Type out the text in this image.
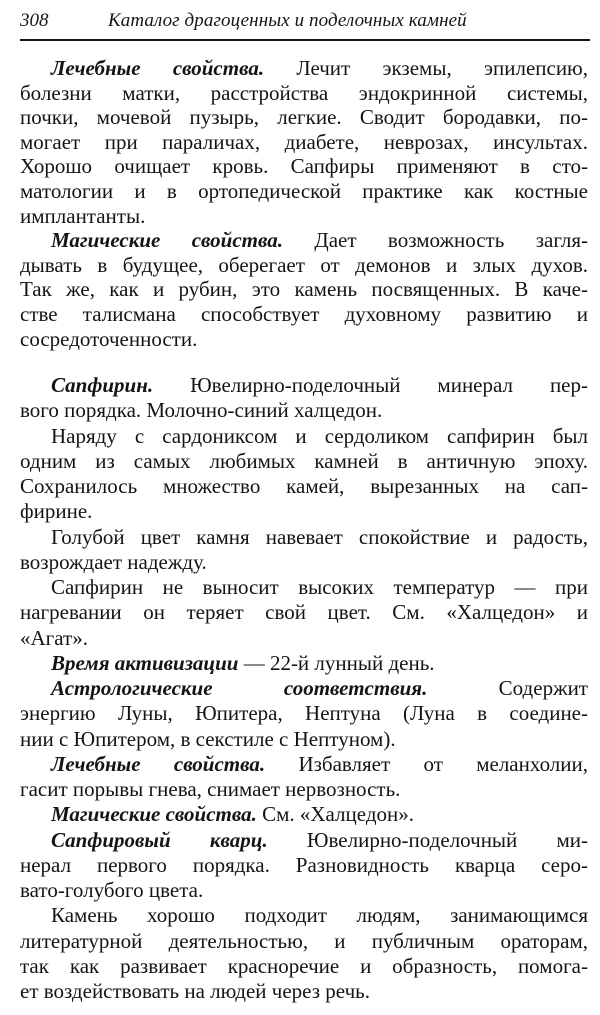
308	Каталог драгоценных и поделочных камней
Лечебные свойства. Лечит экземы, эпилепсию,
болезни матки, расстройства эндокринной системы,
почки, мочевой пузырь, легкие. Сводит бородавки, по-
могает при параличах, диабете, неврозах, инсультах.
Хорошо очищает кровь. Сапфиры применяют в сто-
матологии и в ортопедической практике как костные
имплантанты.
Магические свойства. Дает возможность загля-
дывать в будущее, оберегает от демонов и злых духов.
Так же, как и рубин, это камень посвященных. В каче-
стве талисмана способствует духовному развитию и
сосредоточенности.
Сапфирин. Ювелирно-поделочный минерал пер-
вого порядка. Молочно-синий халцедон.
Наряду с сардониксом и сердоликом сапфирин был
одним из самых любимых камней в античную эпоху.
Сохранилось множество камей, вырезанных на сап-
фирине.
Голубой цвет камня навевает спокойствие и радость,
возрождает надежду.
Сапфирин не выносит высоких температур — при
нагревании он теряет свой цвет. См. «Халцедон» и
«Агат».
Время активизации — 22-й лунный день.
Астрологические соответствия. Содержит
энергию Луны, Юпитера, Нептуна (Луна в соедине-
нии с Юпитером, в секстиле с Нептуном).
Лечебные свойства. Избавляет от меланхолии,
гасит порывы гнева, снимает нервозность.
Магические свойства. См. «Халцедон».
Сапфировый кварц. Ювелирно-поделочный ми-
нерал первого порядка. Разновидность кварца серо-
вато-голубого цвета.
Камень хорошо подходит людям, занимающимся
литературной деятельностью, и публичным ораторам,
так как развивает красноречие и образность, помога-
ет воздействовать на людей через речь.
